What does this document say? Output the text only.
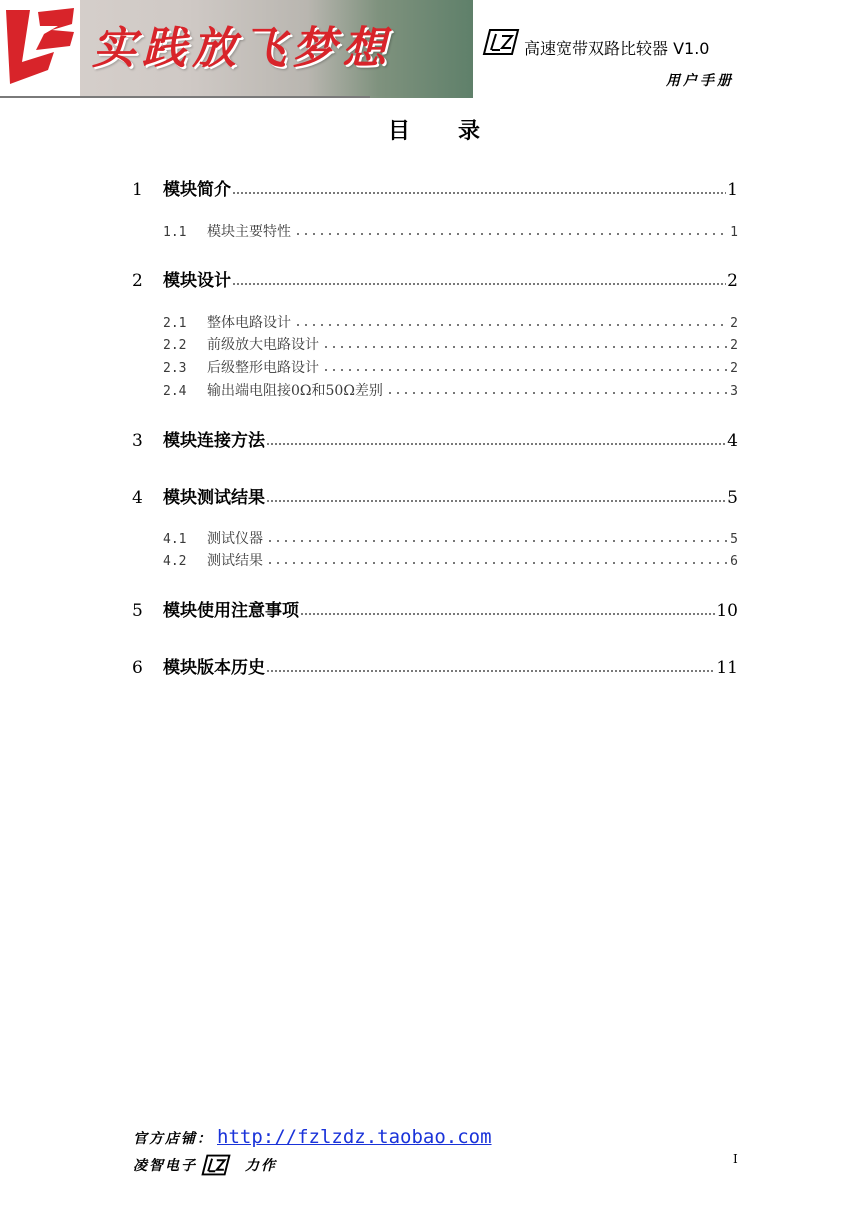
实践放飞梦想	高速宽带双路比较器 V1.0
用户手册
目 录
1	模块简介	1
1.1	模块主要特性	1
2	模块设计	2
2.1	整体电路设计	2
2.2	前级放大电路设计	2
2.3	后级整形电路设计	2
2.4	输出端电阻接0Ω和50Ω差别	3
3	模块连接方法	4
4	模块测试结果	5
4.1	测试仪器	5
4.2	测试结果	6
5	模块使用注意事项	10
6	模块版本历史	11
官方店铺： http://fzlzdz.taobao.com
凌智电子	力作	I
